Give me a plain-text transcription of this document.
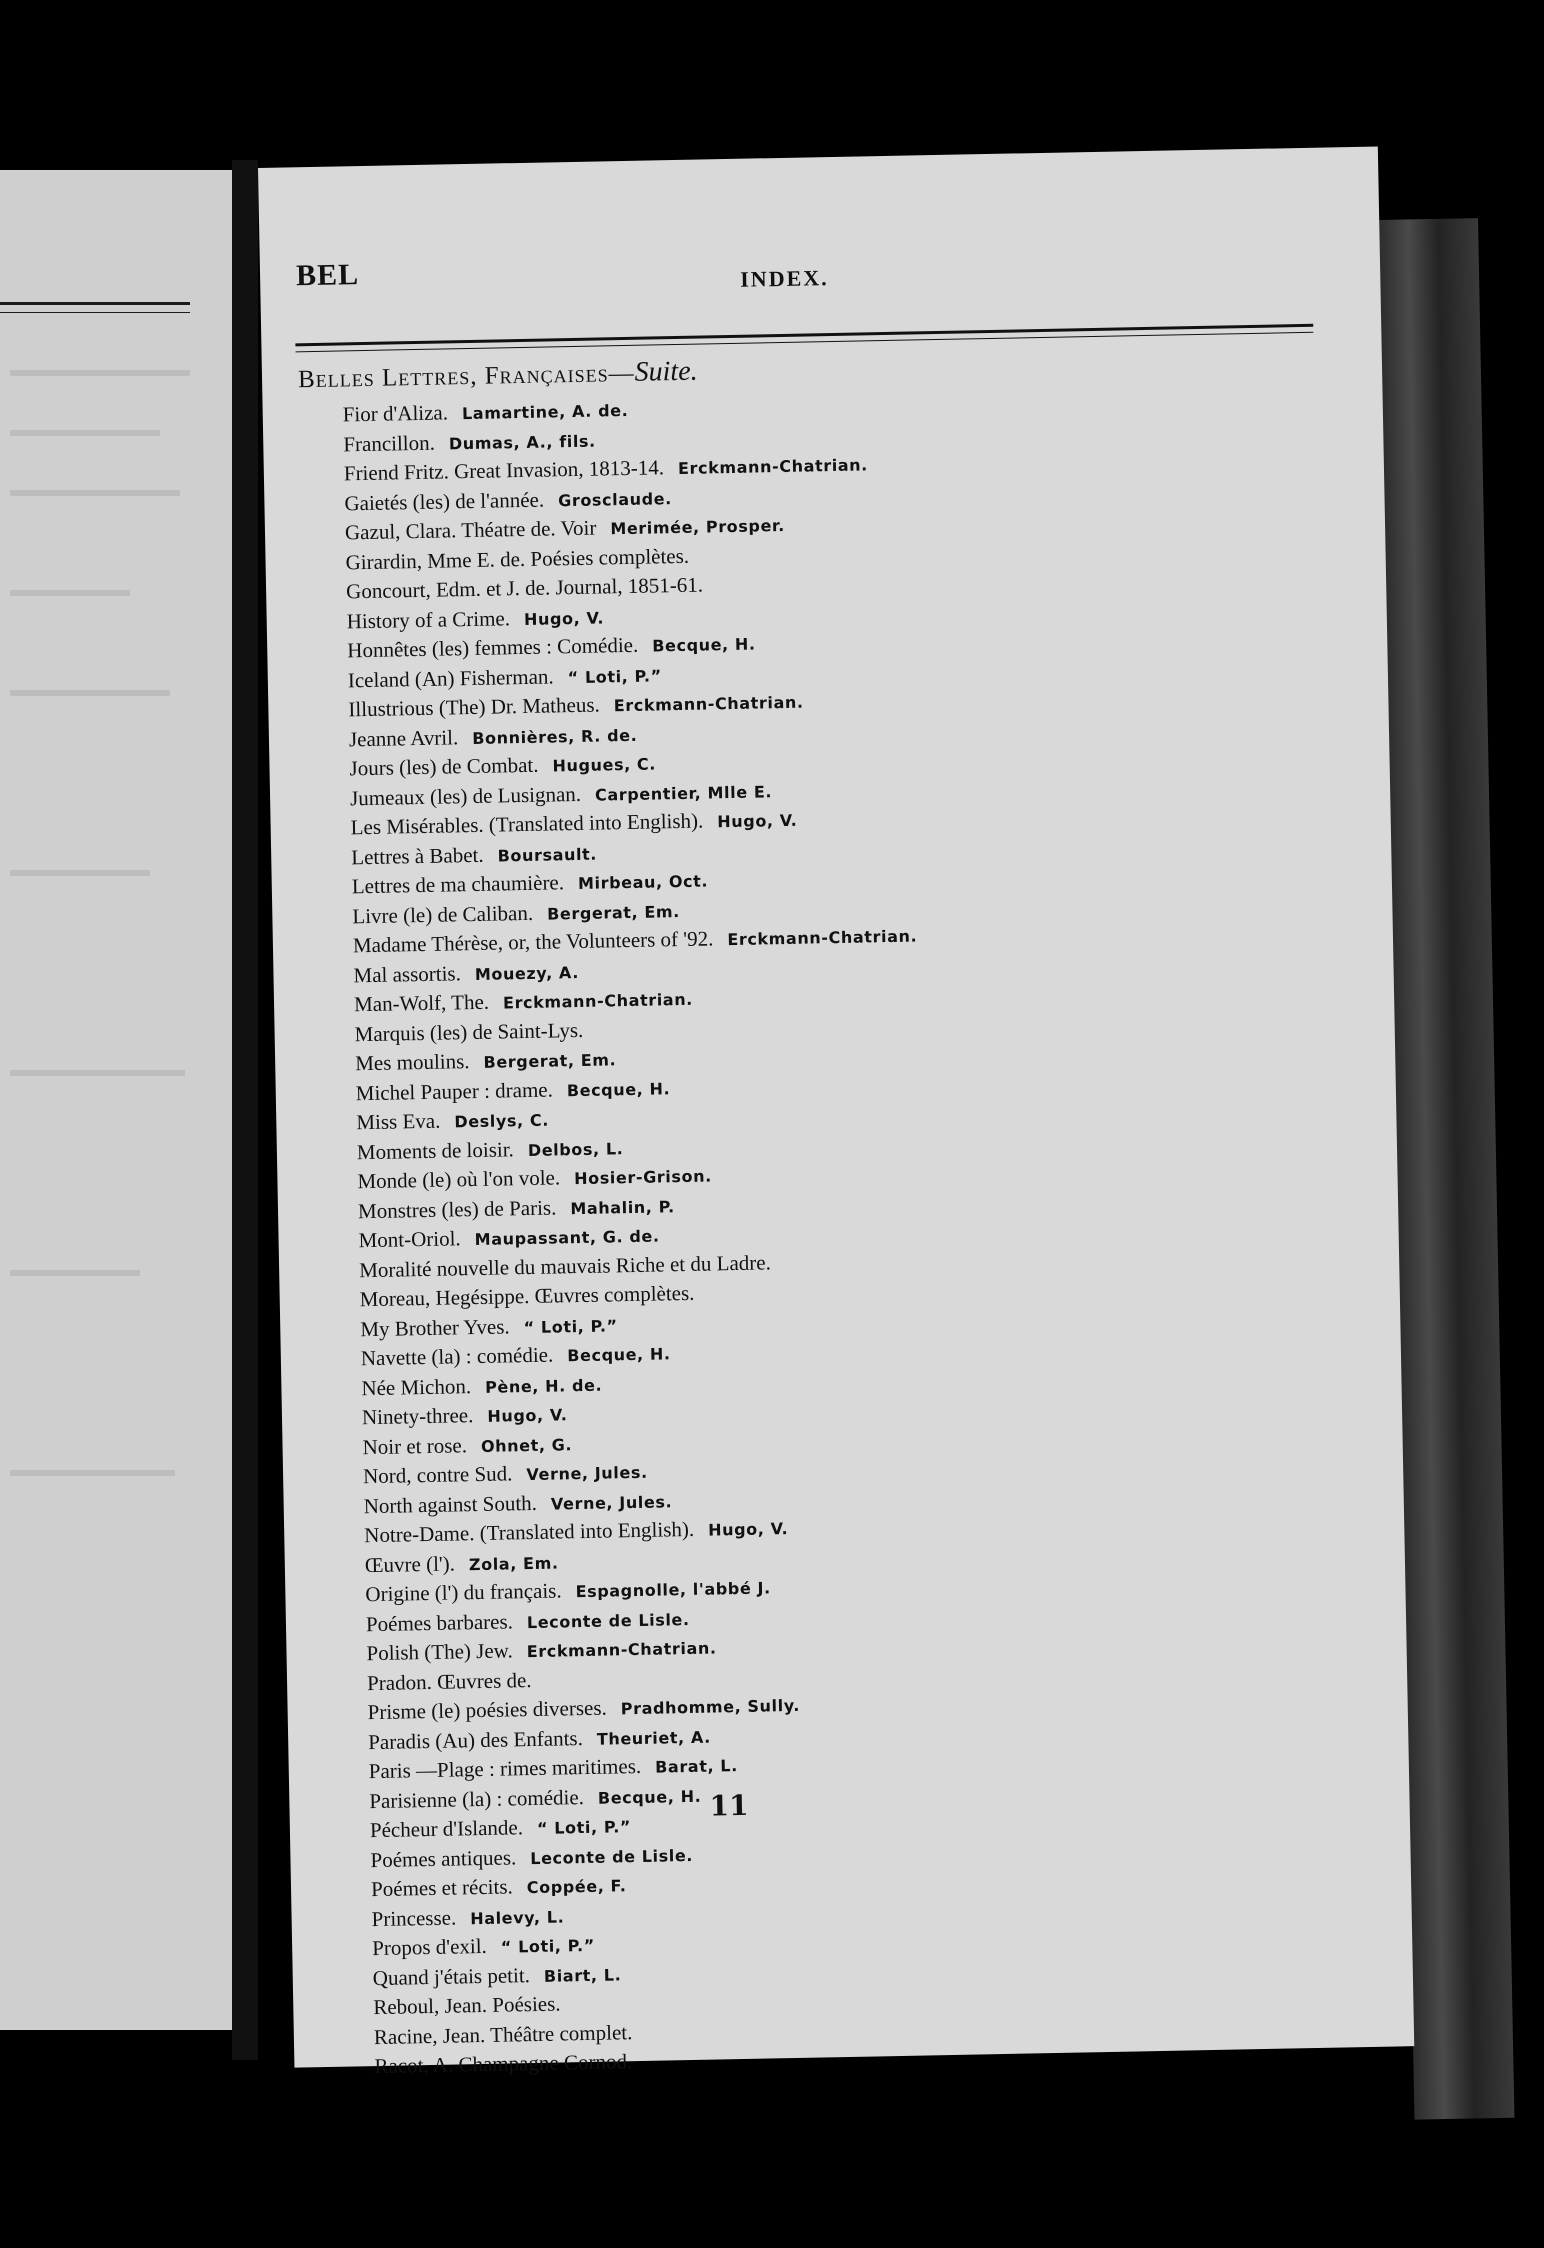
BEL	INDEX.
Belles Lettres, Françaises—Suite.
Fior d'Aliza. Lamartine, A. de.
Francillon. Dumas, A., fils.
Friend Fritz. Great Invasion, 1813-14. Erckmann-Chatrian.
Gaietés (les) de l'année. Grosclaude.
Gazul, Clara. Théatre de. Voir Merimée, Prosper.
Girardin, Mme E. de. Poésies complètes.
Goncourt, Edm. et J. de. Journal, 1851-61.
History of a Crime. Hugo, V.
Honnêtes (les) femmes : Comédie. Becque, H.
Iceland (An) Fisherman. “ Loti, P.”
Illustrious (The) Dr. Matheus. Erckmann-Chatrian.
Jeanne Avril. Bonnières, R. de.
Jours (les) de Combat. Hugues, C.
Jumeaux (les) de Lusignan. Carpentier, Mlle E.
Les Misérables. (Translated into English). Hugo, V.
Lettres à Babet. Boursault.
Lettres de ma chaumière. Mirbeau, Oct.
Livre (le) de Caliban. Bergerat, Em.
Madame Thérèse, or, the Volunteers of '92. Erckmann-Chatrian.
Mal assortis. Mouezy, A.
Man-Wolf, The. Erckmann-Chatrian.
Marquis (les) de Saint-Lys.
Mes moulins. Bergerat, Em.
Michel Pauper : drame. Becque, H.
Miss Eva. Deslys, C.
Moments de loisir. Delbos, L.
Monde (le) où l'on vole. Hosier-Grison.
Monstres (les) de Paris. Mahalin, P.
Mont-Oriol. Maupassant, G. de.
Moralité nouvelle du mauvais Riche et du Ladre.
Moreau, Hegésippe. Œuvres complètes.
My Brother Yves. “ Loti, P.”
Navette (la) : comédie. Becque, H.
Née Michon. Pène, H. de.
Ninety-three. Hugo, V.
Noir et rose. Ohnet, G.
Nord, contre Sud. Verne, Jules.
North against South. Verne, Jules.
Notre-Dame. (Translated into English). Hugo, V.
Œuvre (l'). Zola, Em.
Origine (l') du français. Espagnolle, l'abbé J.
Poémes barbares. Leconte de Lisle.
Polish (The) Jew. Erckmann-Chatrian.
Pradon. Œuvres de.
Prisme (le) poésies diverses. Pradhomme, Sully.
Paradis (Au) des Enfants. Theuriet, A.
Paris —Plage : rimes maritimes. Barat, L.
Parisienne (la) : comédie. Becque, H.
Pécheur d'Islande. “ Loti, P.”
Poémes antiques. Leconte de Lisle.
Poémes et récits. Coppée, F.
Princesse. Halevy, L.
Propos d'exil. “ Loti, P.”
Quand j'étais petit. Biart, L.
Reboul, Jean. Poésies.
Racine, Jean. Théâtre complet.
Racot, A. Champagne Cornod.
11
